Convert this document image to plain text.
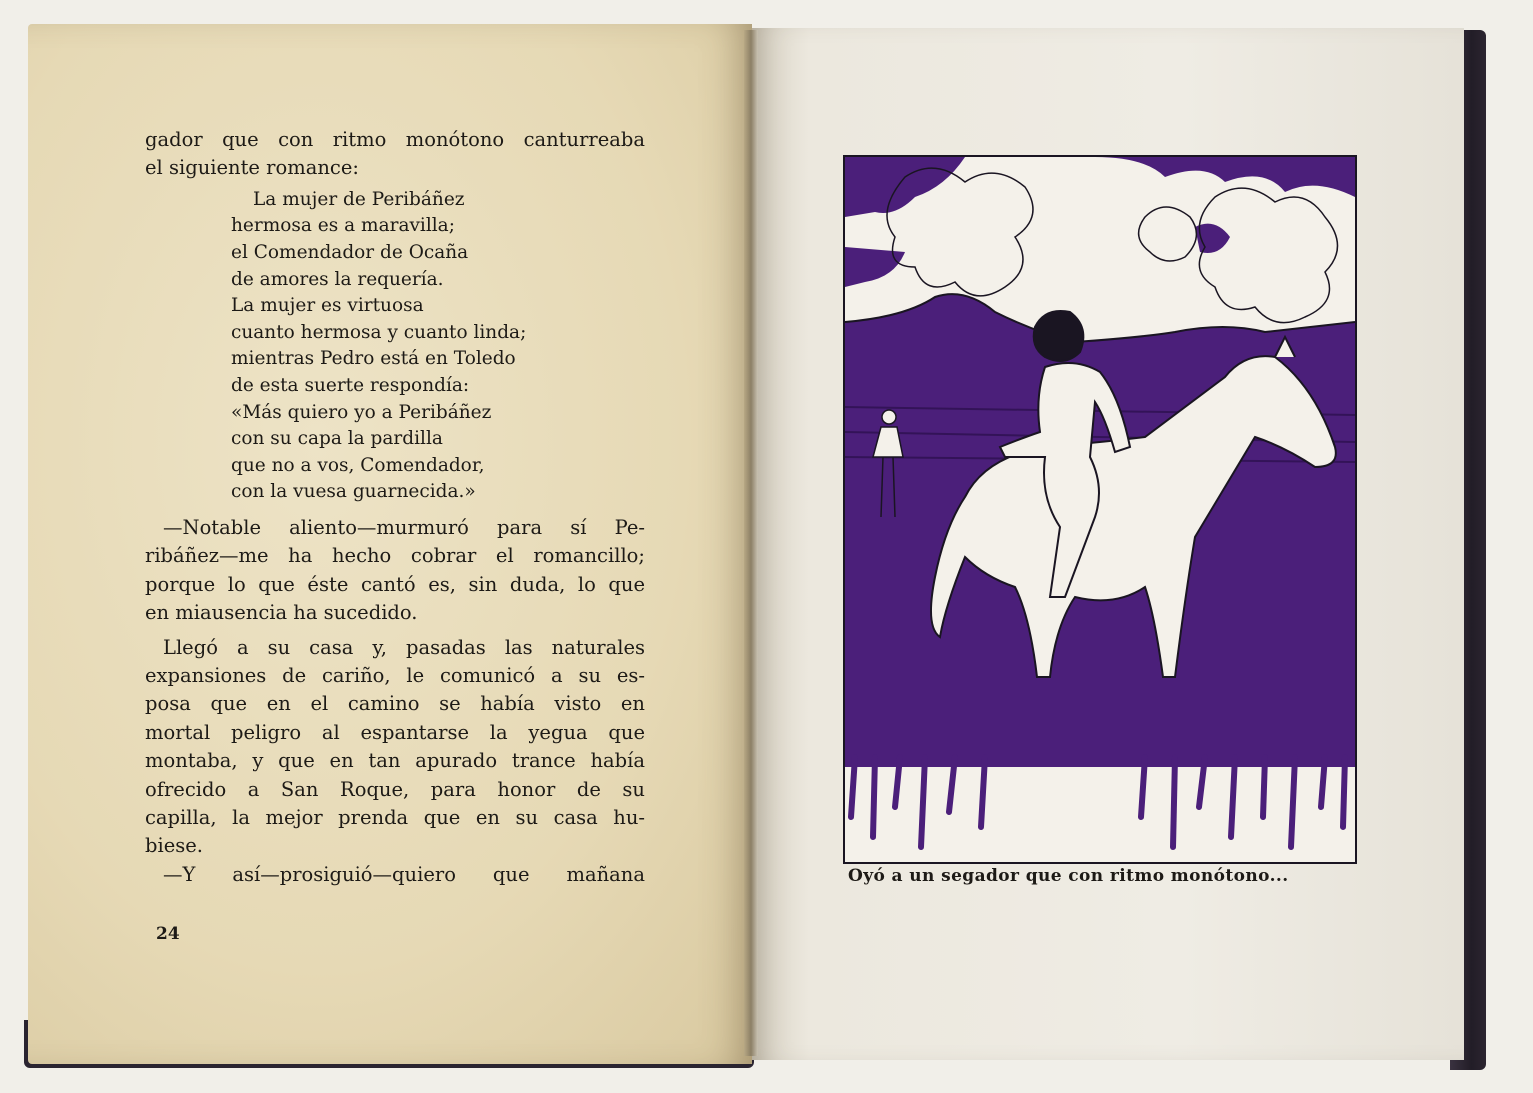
gador que con ritmo monótono canturreaba
el siguiente romance:

La mujer de Peribáñez
hermosa es a maravilla;
el Comendador de Ocaña
de amores la requería.
La mujer es virtuosa
cuanto hermosa y cuanto linda;
mientras Pedro está en Toledo
de esta suerte respondía:
«Más quiero yo a Peribáñez
con su capa la pardilla
que no a vos, Comendador,
con la vuesa guarnecida.»

—Notable aliento—murmuró para sí Pe-
ribáñez—me ha hecho cobrar el romancillo;
porque lo que éste cantó es, sin duda, lo que
en miausencia ha sucedido.

Llegó a su casa y, pasadas las naturales
expansiones de cariño, le comunicó a su es-
posa que en el camino se había visto en
mortal peligro al espantarse la yegua que
montaba, y que en tan apurado trance había
ofrecido a San Roque, para honor de su
capilla, la mejor prenda que en su casa hu-
biese.

—Y así—prosiguió—quiero que mañana

24
Oyó a un segador que con ritmo monótono...
